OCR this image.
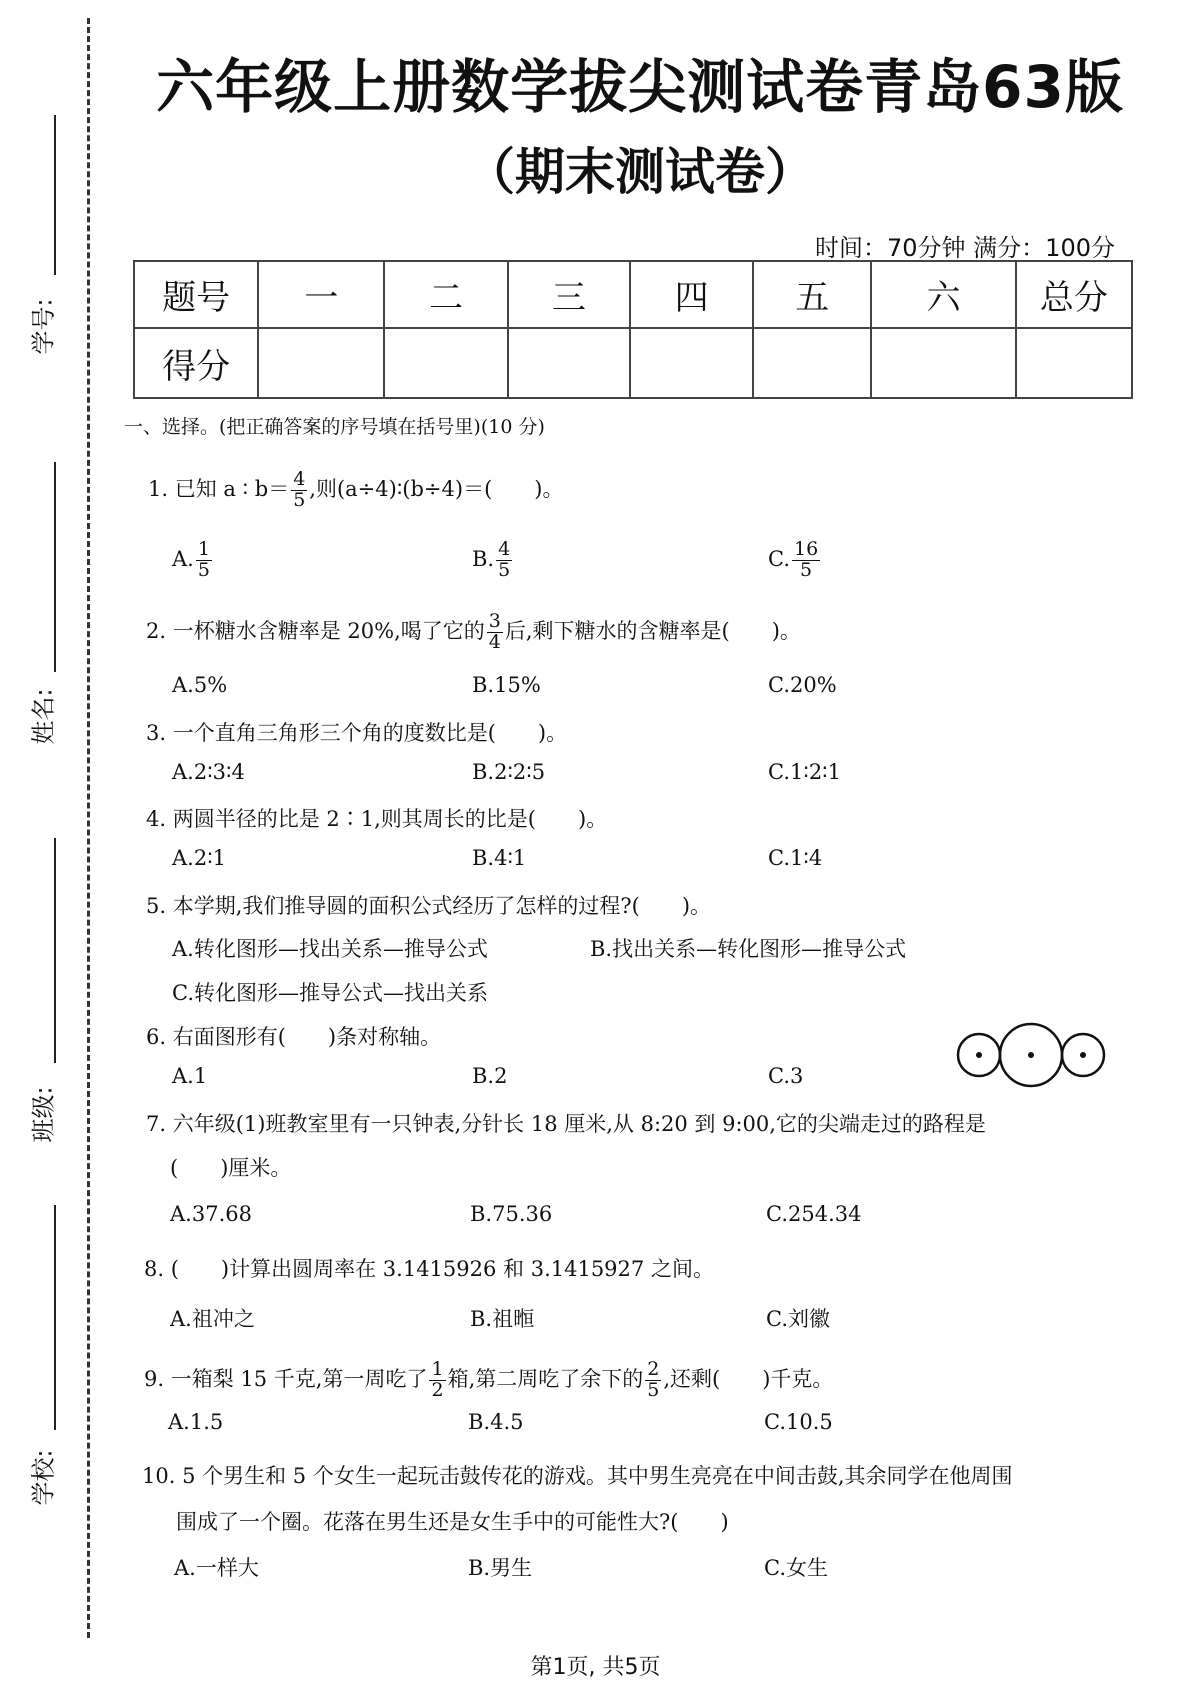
学号:
姓名:
班级:
学校:
六年级上册数学拔尖测试卷青岛63版
（期末测试卷）
时间：70分钟 满分：100分
题号	一	二	三	四	五	六	总分
得分							
一、选择。(把正确答案的序号填在括号里)(10 分)
1. 已知 a ∶ $b= \frac{4}{5}$ ,则(a÷4)∶(b÷4)＝(　　)。
A. $\frac{1}{5}$	B. $\frac{4}{5}$	C. $\frac{16}{5}$
2. 一杯糖水含糖率是 20%,喝了它的 $\frac{3}{4}$ 后,剩下糖水的含糖率是(　　)。
A.5%	B.15%	C.20%
3. 一个直角三角形三个角的度数比是(　　)。
A.2∶3∶4	B.2∶2∶5	C.1∶2∶1
4. 两圆半径的比是 2∶1,则其周长的比是(　　)。
A.2∶1	B.4∶1	C.1∶4
5. 本学期,我们推导圆的面积公式经历了怎样的过程?(　　)。
A.转化图形—找出关系—推导公式	B.找出关系—转化图形—推导公式
C.转化图形—推导公式—找出关系
6. 右面图形有(　　)条对称轴。
A.1	B.2	C.3
7. 六年级(1)班教室里有一只钟表,分针长 18 厘米,从 8:20 到 9:00,它的尖端走过的路程是
(　　)厘米。
A.37.68	B.75.36	C.254.34
8. (　　)计算出圆周率在 3.1415926 和 3.1415927 之间。
A.祖冲之	B.祖暅	C.刘徽
9. 一箱梨 15 千克,第一周吃了 $\frac{1}{2}$ 箱,第二周吃了余下的 $\frac{2}{5}$ ,还剩(　　)千克。
A.1.5	B.4.5	C.10.5
10. 5 个男生和 5 个女生一起玩击鼓传花的游戏。其中男生亮亮在中间击鼓,其余同学在他周围
围成了一个圈。花落在男生还是女生手中的可能性大?(　　)
A.一样大	B.男生	C.女生
第1页, 共5页
